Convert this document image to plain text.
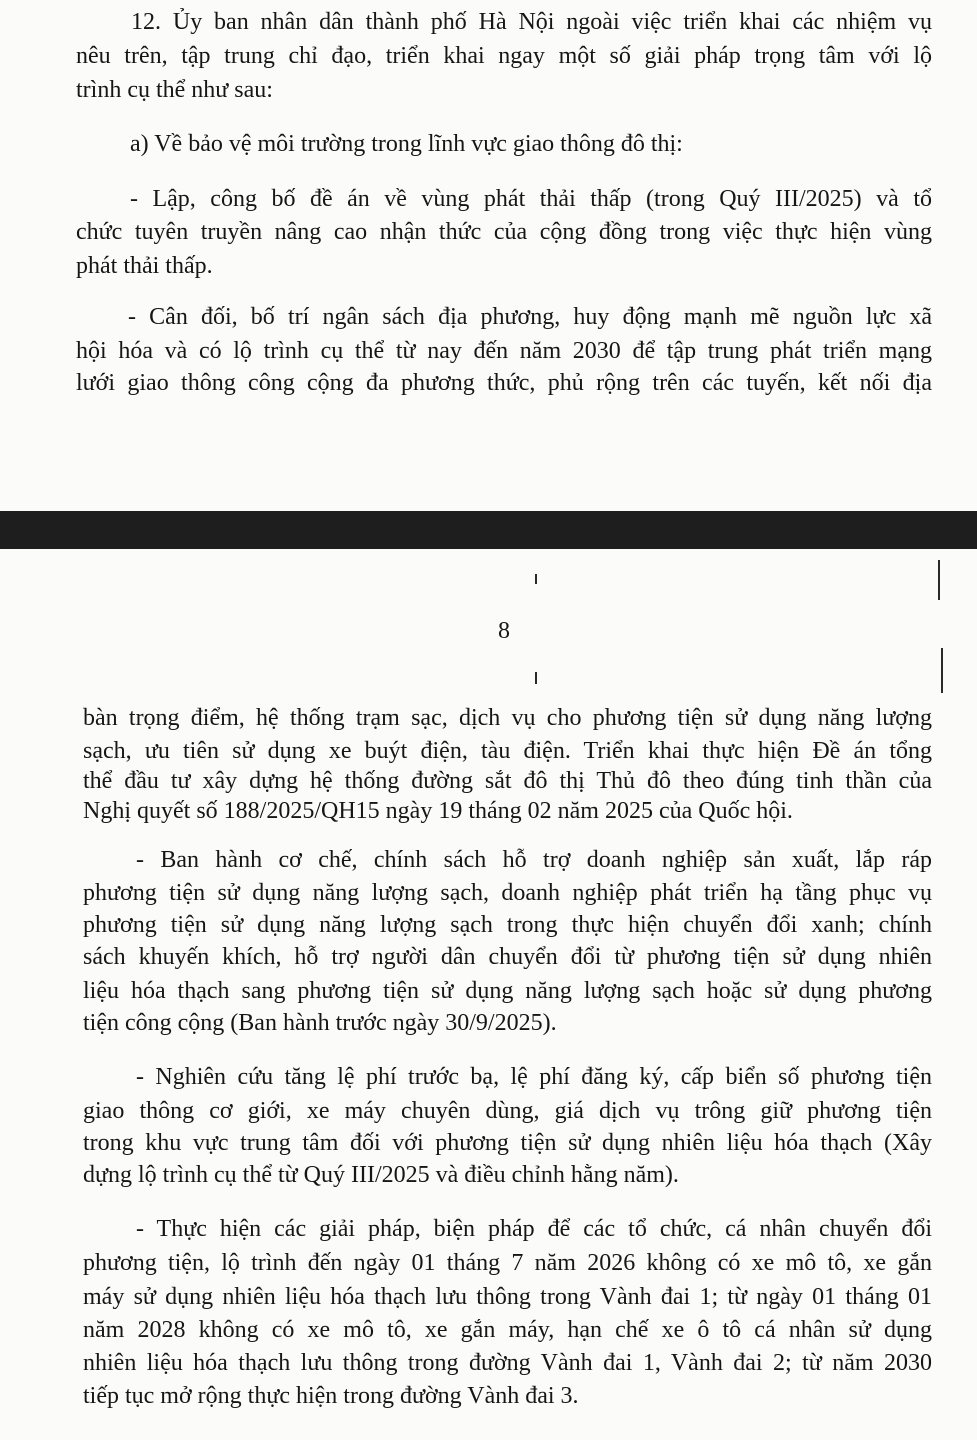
12. Ủy ban nhân dân thành phố Hà Nội ngoài việc triển khai các nhiệm vụ
nêu trên, tập trung chỉ đạo, triển khai ngay một số giải pháp trọng tâm với lộ
trình cụ thể như sau:
a) Về bảo vệ môi trường trong lĩnh vực giao thông đô thị:
- Lập, công bố đề án về vùng phát thải thấp (trong Quý III/2025) và tổ
chức tuyên truyền nâng cao nhận thức của cộng đồng trong việc thực hiện vùng
phát thải thấp.
- Cân đối, bố trí ngân sách địa phương, huy động mạnh mẽ nguồn lực xã
hội hóa và có lộ trình cụ thể từ nay đến năm 2030 để tập trung phát triển mạng
lưới giao thông công cộng đa phương thức, phủ rộng trên các tuyến, kết nối địa
8
bàn trọng điểm, hệ thống trạm sạc, dịch vụ cho phương tiện sử dụng năng lượng
sạch, ưu tiên sử dụng xe buýt điện, tàu điện. Triển khai thực hiện Đề án tổng
thể đầu tư xây dựng hệ thống đường sắt đô thị Thủ đô theo đúng tinh thần của
Nghị quyết số 188/2025/QH15 ngày 19 tháng 02 năm 2025 của Quốc hội.
- Ban hành cơ chế, chính sách hỗ trợ doanh nghiệp sản xuất, lắp ráp
phương tiện sử dụng năng lượng sạch, doanh nghiệp phát triển hạ tầng phục vụ
phương tiện sử dụng năng lượng sạch trong thực hiện chuyển đổi xanh; chính
sách khuyến khích, hỗ trợ người dân chuyển đổi từ phương tiện sử dụng nhiên
liệu hóa thạch sang phương tiện sử dụng năng lượng sạch hoặc sử dụng phương
tiện công cộng (Ban hành trước ngày 30/9/2025).
- Nghiên cứu tăng lệ phí trước bạ, lệ phí đăng ký, cấp biển số phương tiện
giao thông cơ giới, xe máy chuyên dùng, giá dịch vụ trông giữ phương tiện
trong khu vực trung tâm đối với phương tiện sử dụng nhiên liệu hóa thạch (Xây
dựng lộ trình cụ thể từ Quý III/2025 và điều chỉnh hằng năm).
- Thực hiện các giải pháp, biện pháp để các tổ chức, cá nhân chuyển đổi
phương tiện, lộ trình đến ngày 01 tháng 7 năm 2026 không có xe mô tô, xe gắn
máy sử dụng nhiên liệu hóa thạch lưu thông trong Vành đai 1; từ ngày 01 tháng 01
năm 2028 không có xe mô tô, xe gắn máy, hạn chế xe ô tô cá nhân sử dụng
nhiên liệu hóa thạch lưu thông trong đường Vành đai 1, Vành đai 2; từ năm 2030
tiếp tục mở rộng thực hiện trong đường Vành đai 3.
